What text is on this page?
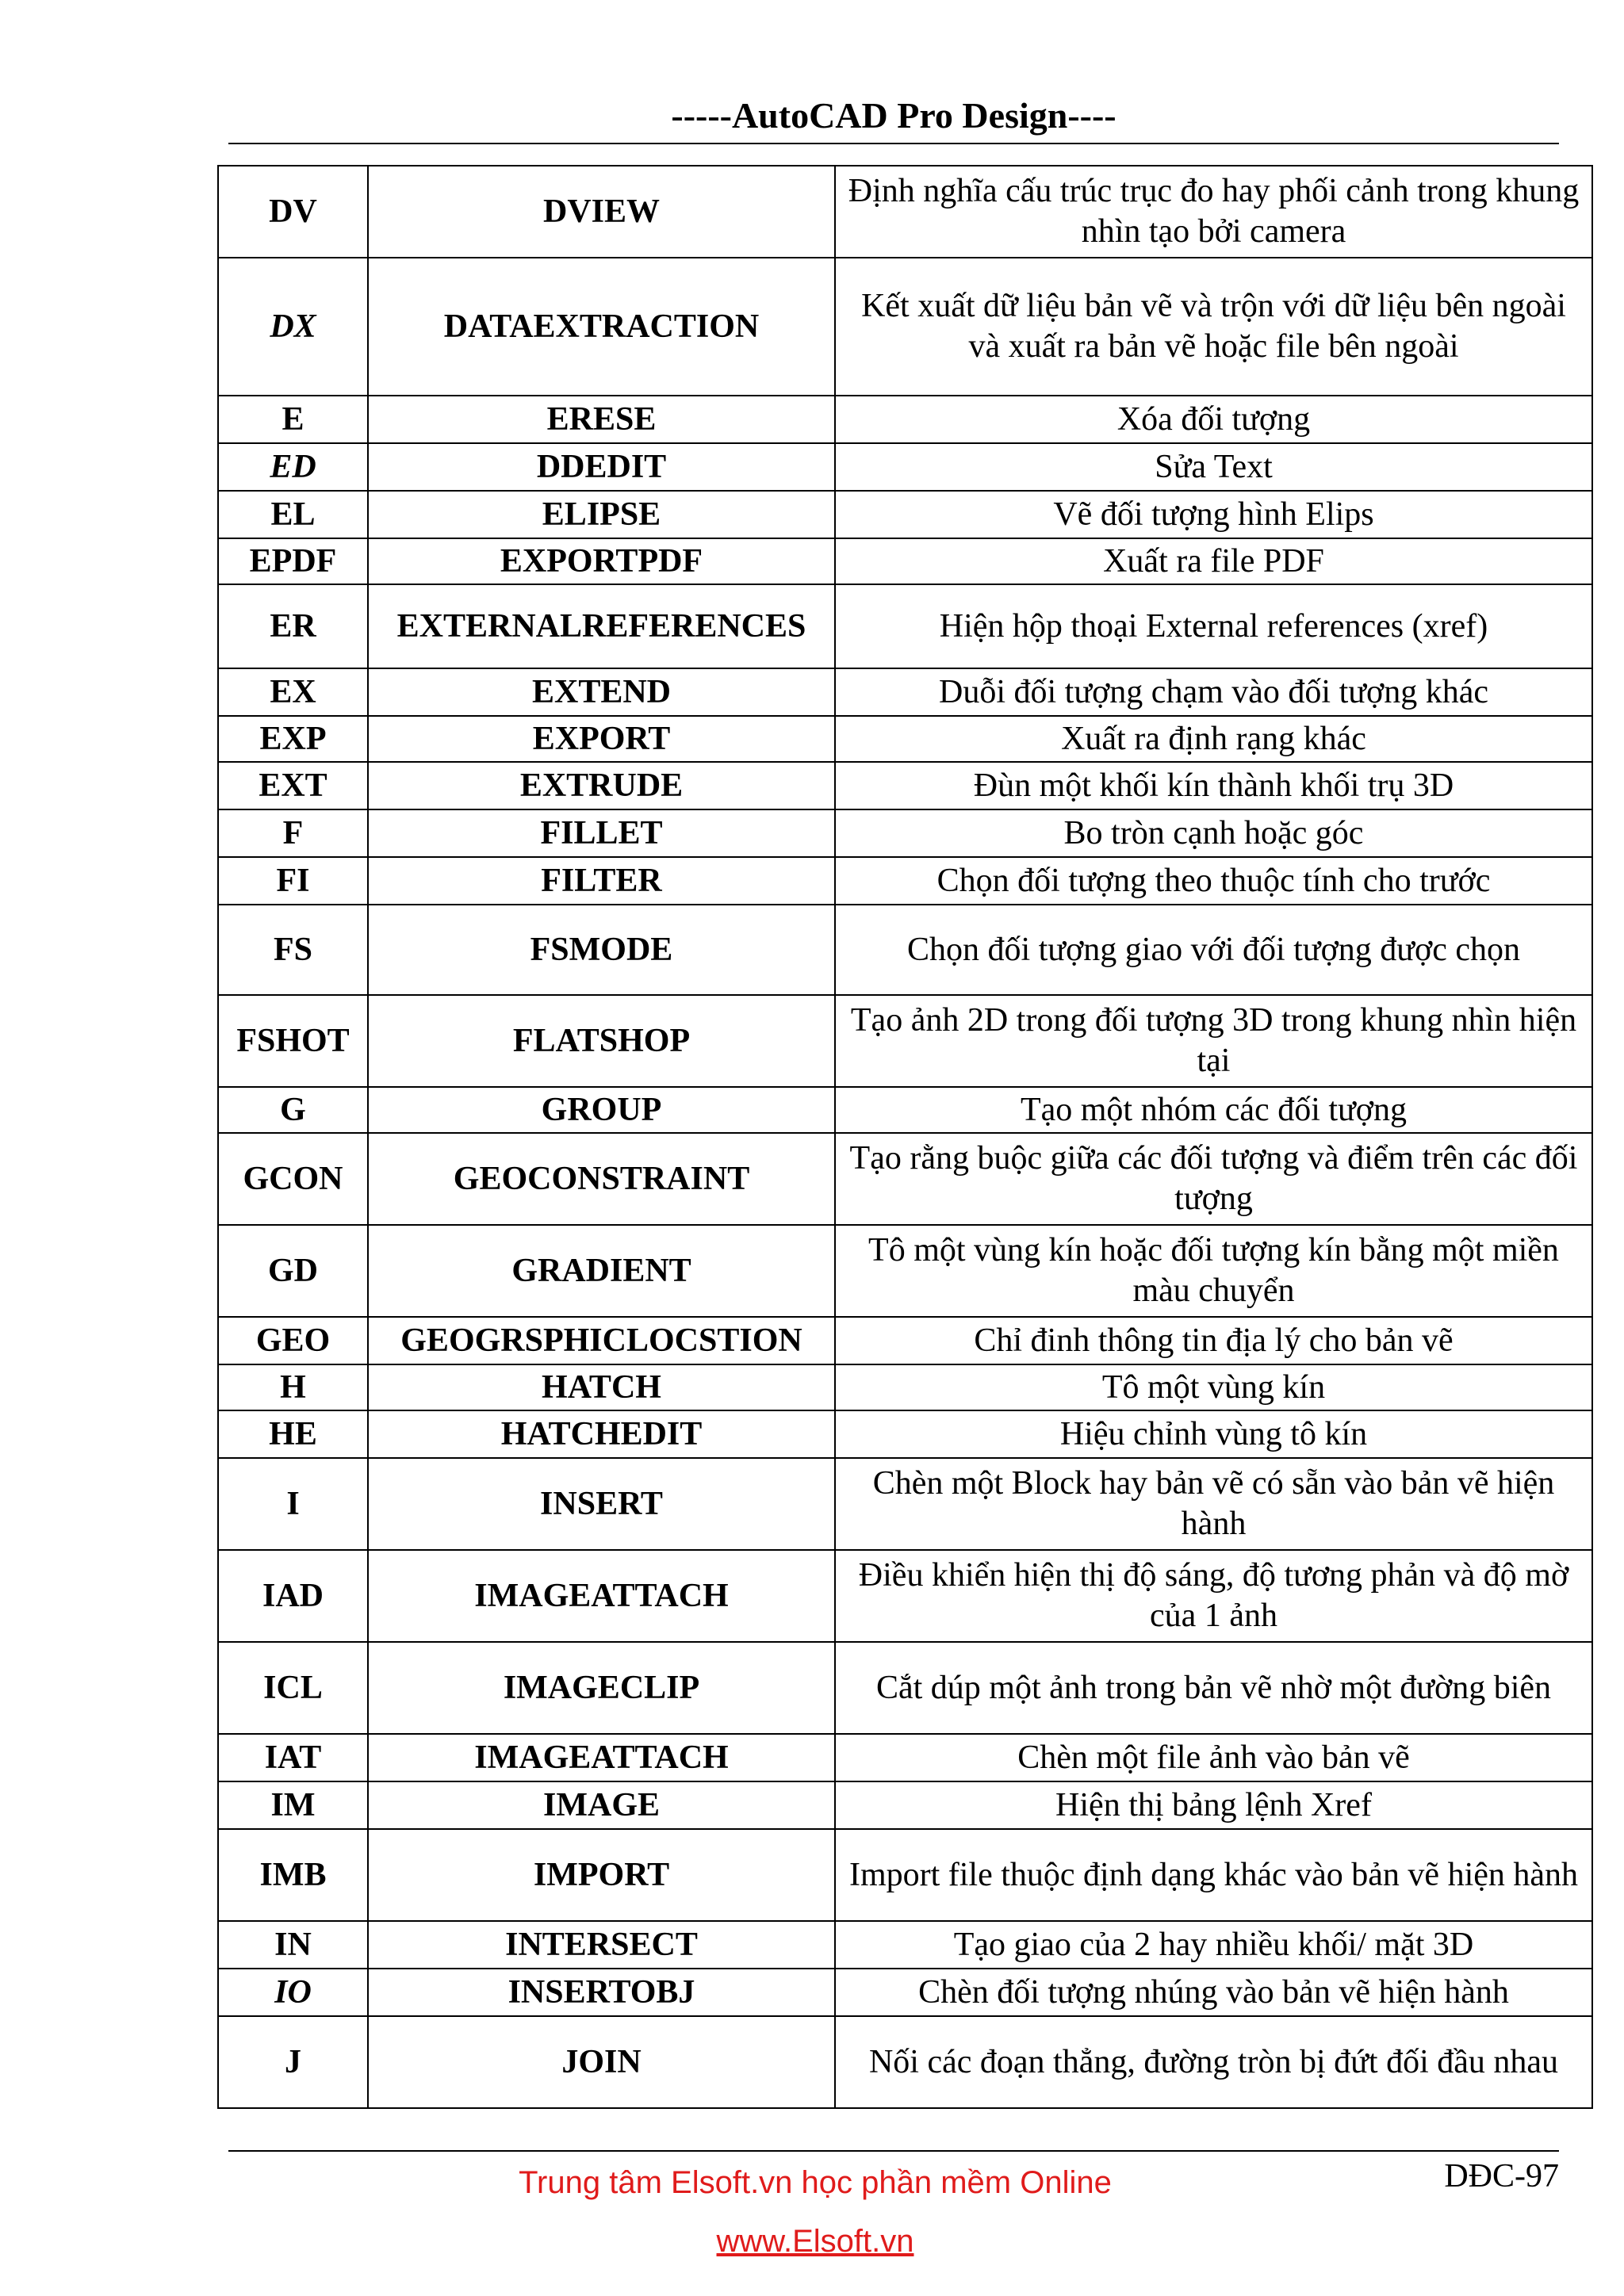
-----AutoCAD Pro Design----
DV	DVIEW	Định nghĩa cấu trúc trục đo hay phối cảnh trong khung nhìn tạo bởi camera
DX	DATAEXTRACTION	Kết xuất dữ liệu bản vẽ và trộn với dữ liệu bên ngoài và xuất ra bản vẽ hoặc file bên ngoài
E	ERESE	Xóa đối tượng
ED	DDEDIT	Sửa Text
EL	ELIPSE	Vẽ đối tượng hình Elips
EPDF	EXPORTPDF	Xuất ra file PDF
ER	EXTERNALREFERENCES	Hiện hộp thoại External references (xref)
EX	EXTEND	Duỗi đối tượng chạm vào đối tượng khác
EXP	EXPORT	Xuất ra định rạng khác
EXT	EXTRUDE	Đùn một khối kín thành khối trụ 3D
F	FILLET	Bo tròn cạnh hoặc góc
FI	FILTER	Chọn đối tượng theo thuộc tính cho trước
FS	FSMODE	Chọn đối tượng giao với đối tượng được chọn
FSHOT	FLATSHOP	Tạo ảnh 2D trong đối tượng 3D trong khung nhìn hiện tại
G	GROUP	Tạo một nhóm các đối tượng
GCON	GEOCONSTRAINT	Tạo rằng buộc giữa các đối tượng và điểm trên các đối tượng
GD	GRADIENT	Tô một vùng kín hoặc đối tượng kín bằng một miền màu chuyển
GEO	GEOGRSPHICLOCSTION	Chỉ đinh thông tin địa lý cho bản vẽ
H	HATCH	Tô một vùng kín
HE	HATCHEDIT	Hiệu chỉnh vùng tô kín
I	INSERT	Chèn một Block hay bản vẽ có sẵn vào bản vẽ hiện hành
IAD	IMAGEATTACH	Điều khiển hiện thị độ sáng, độ tương phản và độ mờ của 1 ảnh
ICL	IMAGECLIP	Cắt dúp một ảnh trong bản vẽ nhờ một đường biên
IAT	IMAGEATTACH	Chèn một file ảnh vào bản vẽ
IM	IMAGE	Hiện thị bảng lệnh Xref
IMB	IMPORT	Import file thuộc định dạng khác vào bản vẽ hiện hành
IN	INTERSECT	Tạo giao của 2 hay nhiều khối/ mặt 3D
IO	INSERTOBJ	Chèn đối tượng nhúng vào bản vẽ hiện hành
J	JOIN	Nối các đoạn thẳng, đường tròn bị đứt đối đầu nhau
Trung tâm Elsoft.vn học phần mềm Online
www.Elsoft.vn
DĐC-97
